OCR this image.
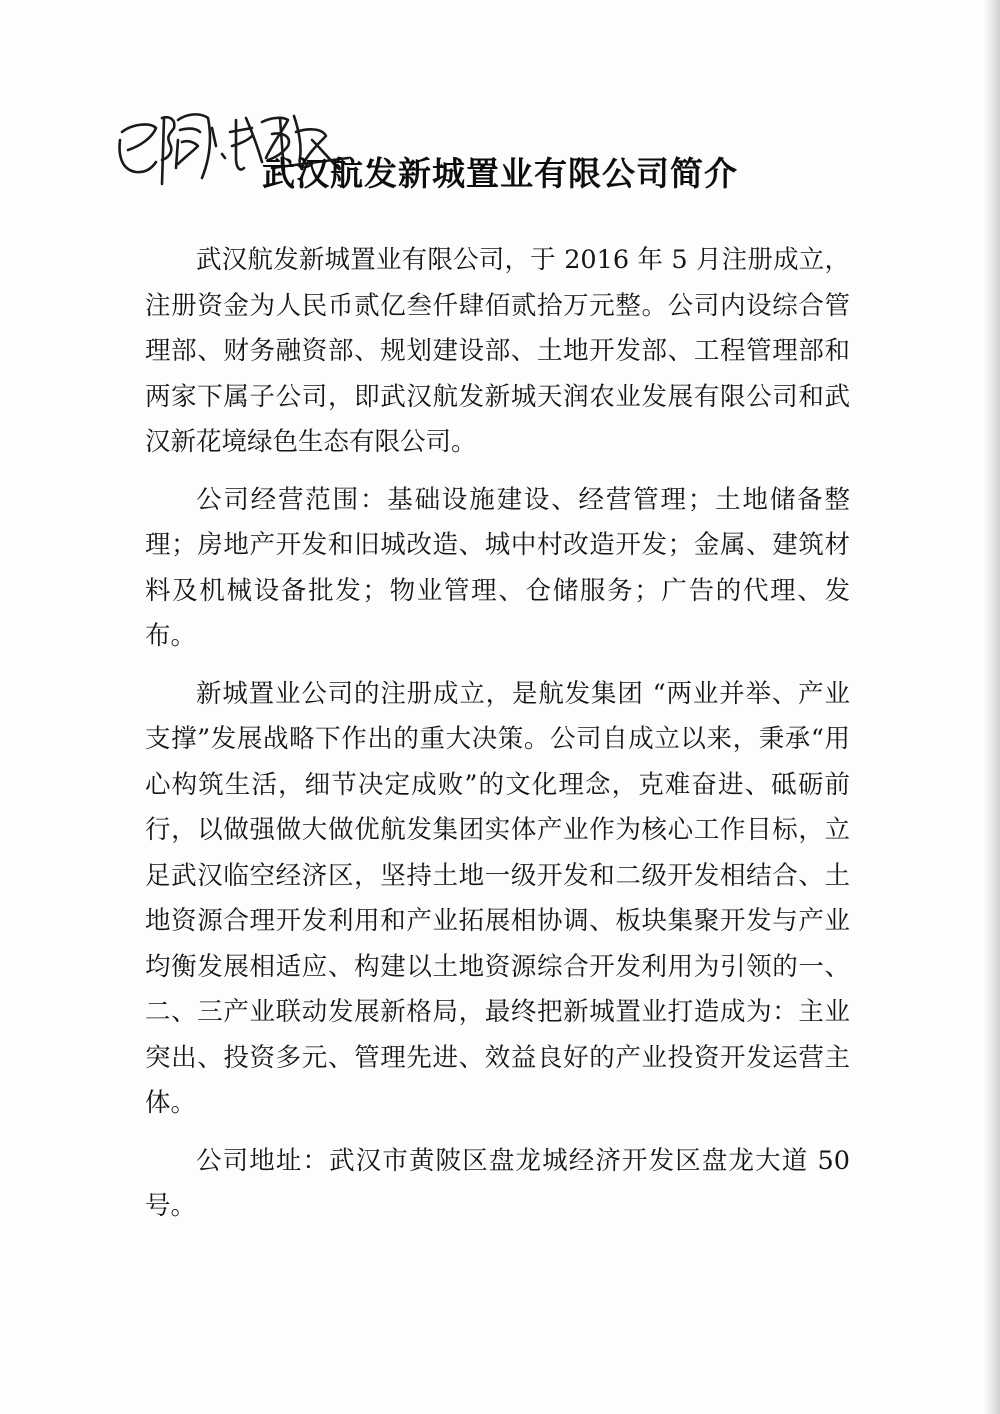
武汉航发新城置业有限公司简介

武汉航发新城置业有限公司，于 2016 年 5 月注册成立，注册资金为人民币贰亿叁仟肆佰贰拾万元整。公司内设综合管理部、财务融资部、规划建设部、土地开发部、工程管理部和两家下属子公司，即武汉航发新城天润农业发展有限公司和武汉新花境绿色生态有限公司。

公司经营范围：基础设施建设、经营管理；土地储备整理；房地产开发和旧城改造、城中村改造开发；金属、建筑材料及机械设备批发；物业管理、仓储服务；广告的代理、发布。

新城置业公司的注册成立，是航发集团 “两业并举、产业支撑”发展战略下作出的重大决策。公司自成立以来，秉承“用心构筑生活，细节决定成败”的文化理念，克难奋进、砥砺前行，以做强做大做优航发集团实体产业作为核心工作目标，立足武汉临空经济区，坚持土地一级开发和二级开发相结合、土地资源合理开发利用和产业拓展相协调、板块集聚开发与产业均衡发展相适应、构建以土地资源综合开发利用为引领的一、二、三产业联动发展新格局，最终把新城置业打造成为：主业突出、投资多元、管理先进、效益良好的产业投资开发运营主体。

公司地址：武汉市黄陂区盘龙城经济开发区盘龙大道 50 号。
